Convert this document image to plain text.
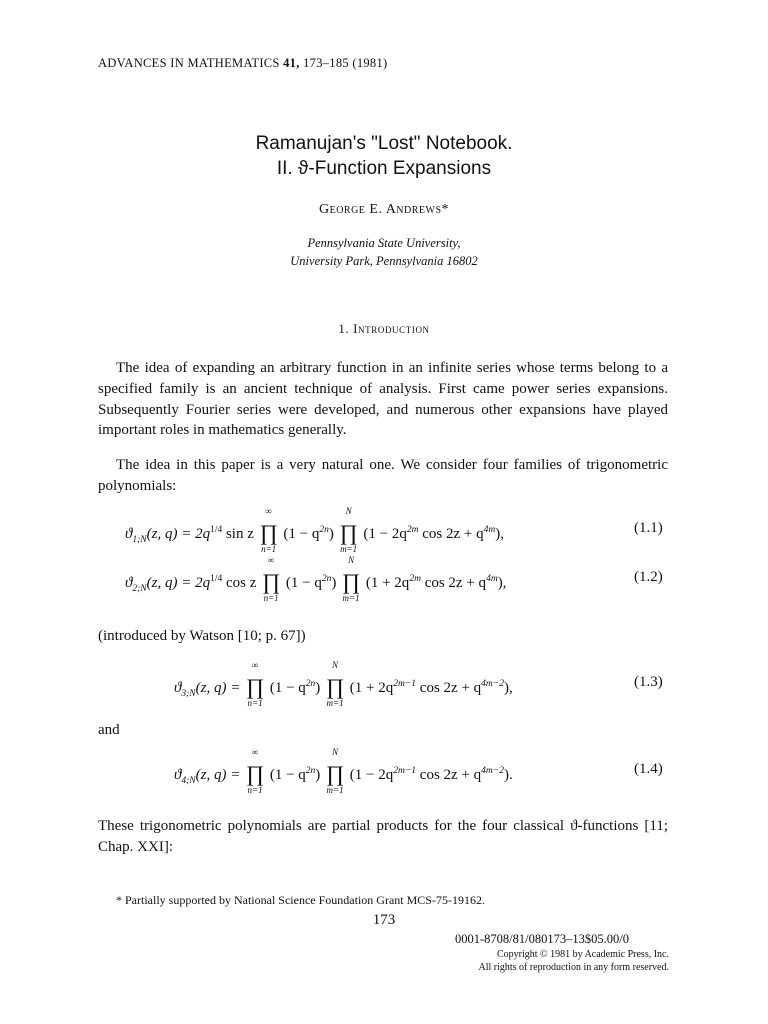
ADVANCES IN MATHEMATICS 41, 173–185 (1981)
Ramanujan's "Lost" Notebook.
II. ϑ-Function Expansions
George E. Andrews*
Pennsylvania State University,
University Park, Pennsylvania 16802
1. Introduction
The idea of expanding an arbitrary function in an infinite series whose terms belong to a specified family is an ancient technique of analysis. First came power series expansions. Subsequently Fourier series were developed, and numerous other expansions have played important roles in mathematics generally.
The idea in this paper is a very natural one. We consider four families of trigonometric polynomials:
$ϑ_{1;N}(z$, $q) = 2q^{1/4}$ sin z ∏
∞
n=1
$(1 - q^{2n})$ ∏
N
m=1
($1 - 2q^{2m}$ $\cos 2z + q^{4m}$),	(1.1)
$ϑ_{2;N}(z$, $q) = 2q^{1/4}$ cos z ∏
∞
n=1
$(1 - q^{2n})$ ∏
N
m=1
($1 + 2q^{2m}$ $\cos 2z + q^{4m}$),	(1.2)
(introduced by Watson [10; p. 67])
$ϑ_{3;N}(z$, q) = ∏
∞
n=1
$(1 - q^{2n})$ ∏
N
m=1
($1 + 2q^{2m-1}$ $\cos 2z + q^{4m-2}$),	(1.3)
and
$ϑ_{4;N}(z$, q) = ∏
∞
n=1
$(1 - q^{2n})$ ∏
N
m=1
($1 - 2q^{2m-1}$ $\cos 2z + q^{4m-2}$).	(1.4)
These trigonometric polynomials are partial products for the four classical ϑ-functions [11; Chap. XXI]:
* Partially supported by National Science Foundation Grant MCS-75-19162.
173
0001-8708/81/080173–13$05.00/0
Copyright © 1981 by Academic Press, Inc.
All rights of reproduction in any form reserved.
